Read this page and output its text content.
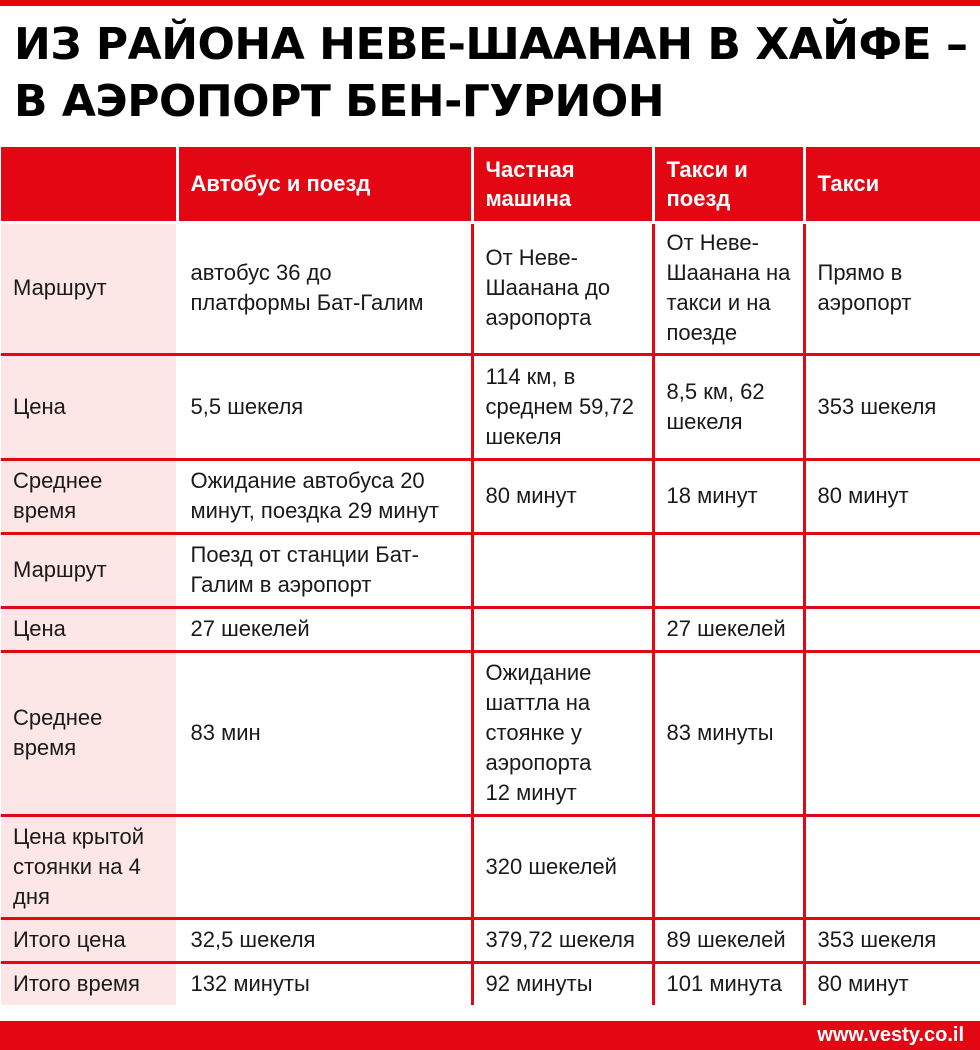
ИЗ РАЙОНА НЕВЕ-ШААНАН В ХАЙФЕ –
В АЭРОПОРТ БЕН-ГУРИОН
	Автобус и поезд	Частная машина	Такси и поезд	Такси
Маршрут	автобус 36 до платформы Бат-Галим	От Неве-Шаанана до аэропорта	От Неве-Шаанана на такси и на поезде	Прямо в аэропорт
Цена	5,5 шекеля	114 км, в среднем 59,72 шекеля	8,5 км, 62 шекеля	353 шекеля
Среднее время	Ожидание автобуса 20 минут, поездка 29 минут	80 минут	18 минут	80 минут
Маршрут	Поезд от станции Бат-Галим в аэропорт			
Цена	27 шекелей		27 шекелей	
Среднее время	83 мин	Ожидание шаттла на стоянке у аэропорта 12 минут	83 минуты	
Цена крытой стоянки на 4 дня		320 шекелей		
Итого цена	32,5 шекеля	379,72 шекеля	89 шекелей	353 шекеля
Итого время	132 минуты	92 минуты	101 минута	80 минут
www.vesty.co.il
